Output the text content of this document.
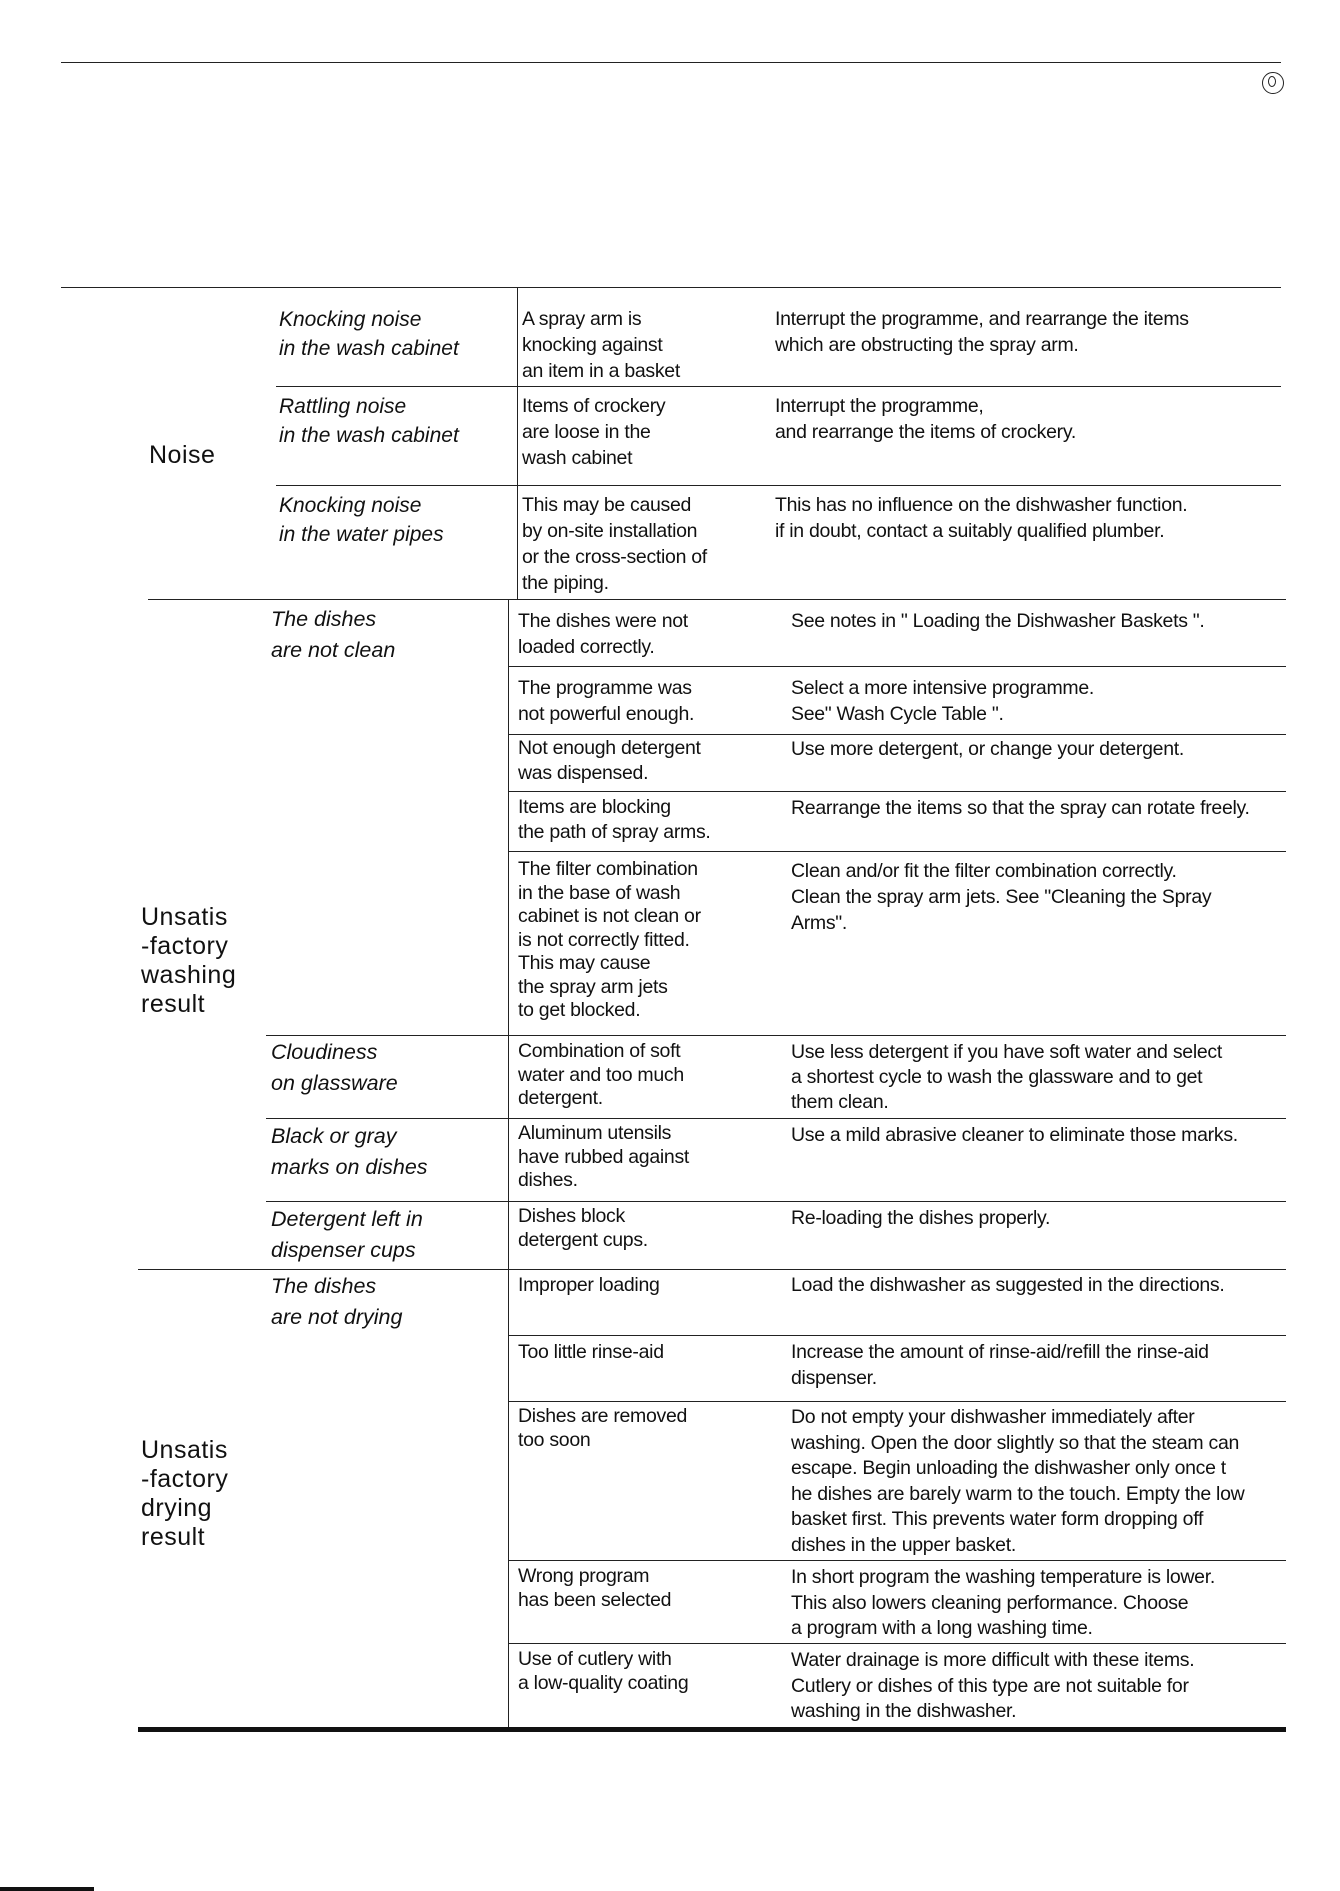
Noise
Knocking noise
in the wash cabinet
A spray arm is
knocking against
an item in a basket
Interrupt the programme, and rearrange the items
which are obstructing the spray arm.
Rattling noise
in the wash cabinet
Items of crockery
are loose in the
wash cabinet
Interrupt the programme,
and rearrange the items of crockery.
Knocking noise
in the water pipes
This may be caused
by on-site installation
or the cross-section of
the piping.
This has no influence on the dishwasher function.
if in doubt, contact a suitably qualified plumber.
Unsatis
-factory
washing
result
The dishes
are not clean
The dishes were not
loaded correctly.
See notes in " Loading the Dishwasher Baskets ".
The programme was
not powerful enough.
Select a more intensive programme.
See" Wash Cycle Table ".
Not enough detergent
was dispensed.
Use more detergent, or change your detergent.
Items are blocking
the path of spray arms.
Rearrange the items so that the spray can rotate freely.
The filter combination
in the base of wash
cabinet is not clean or
is not correctly fitted.
This may cause
the spray arm jets
to get blocked.
Clean and/or fit the filter combination correctly.
Clean the spray arm jets. See "Cleaning the Spray
Arms".
Cloudiness
on glassware
Combination of soft
water and too much
detergent.
Use less detergent if you have soft water and select
a shortest cycle to wash the glassware and to get
them clean.
Black or gray
marks on dishes
Aluminum utensils
have rubbed against
dishes.
Use a mild abrasive cleaner to eliminate those marks.
Detergent left in
dispenser cups
Dishes block
detergent cups.
Re-loading the dishes properly.
Unsatis
-factory
drying
result
The dishes
are not drying
Improper loading	Load the dishwasher as suggested in the directions.
Too little rinse-aid	Increase the amount of rinse-aid/refill the rinse-aid
dispenser.
Dishes are removed
too soon
Do not empty your dishwasher immediately after
washing. Open the door slightly so that the steam can
escape. Begin unloading the dishwasher only once t
he dishes are barely warm to the touch. Empty the low
basket first. This prevents water form dropping off
dishes in the upper basket.
Wrong program
has been selected
In short program the washing temperature is lower.
This also lowers cleaning performance. Choose
a program with a long washing time.
Use of cutlery with
a low-quality coating
Water drainage is more difficult with these items.
Cutlery or dishes of this type are not suitable for
washing in the dishwasher.
